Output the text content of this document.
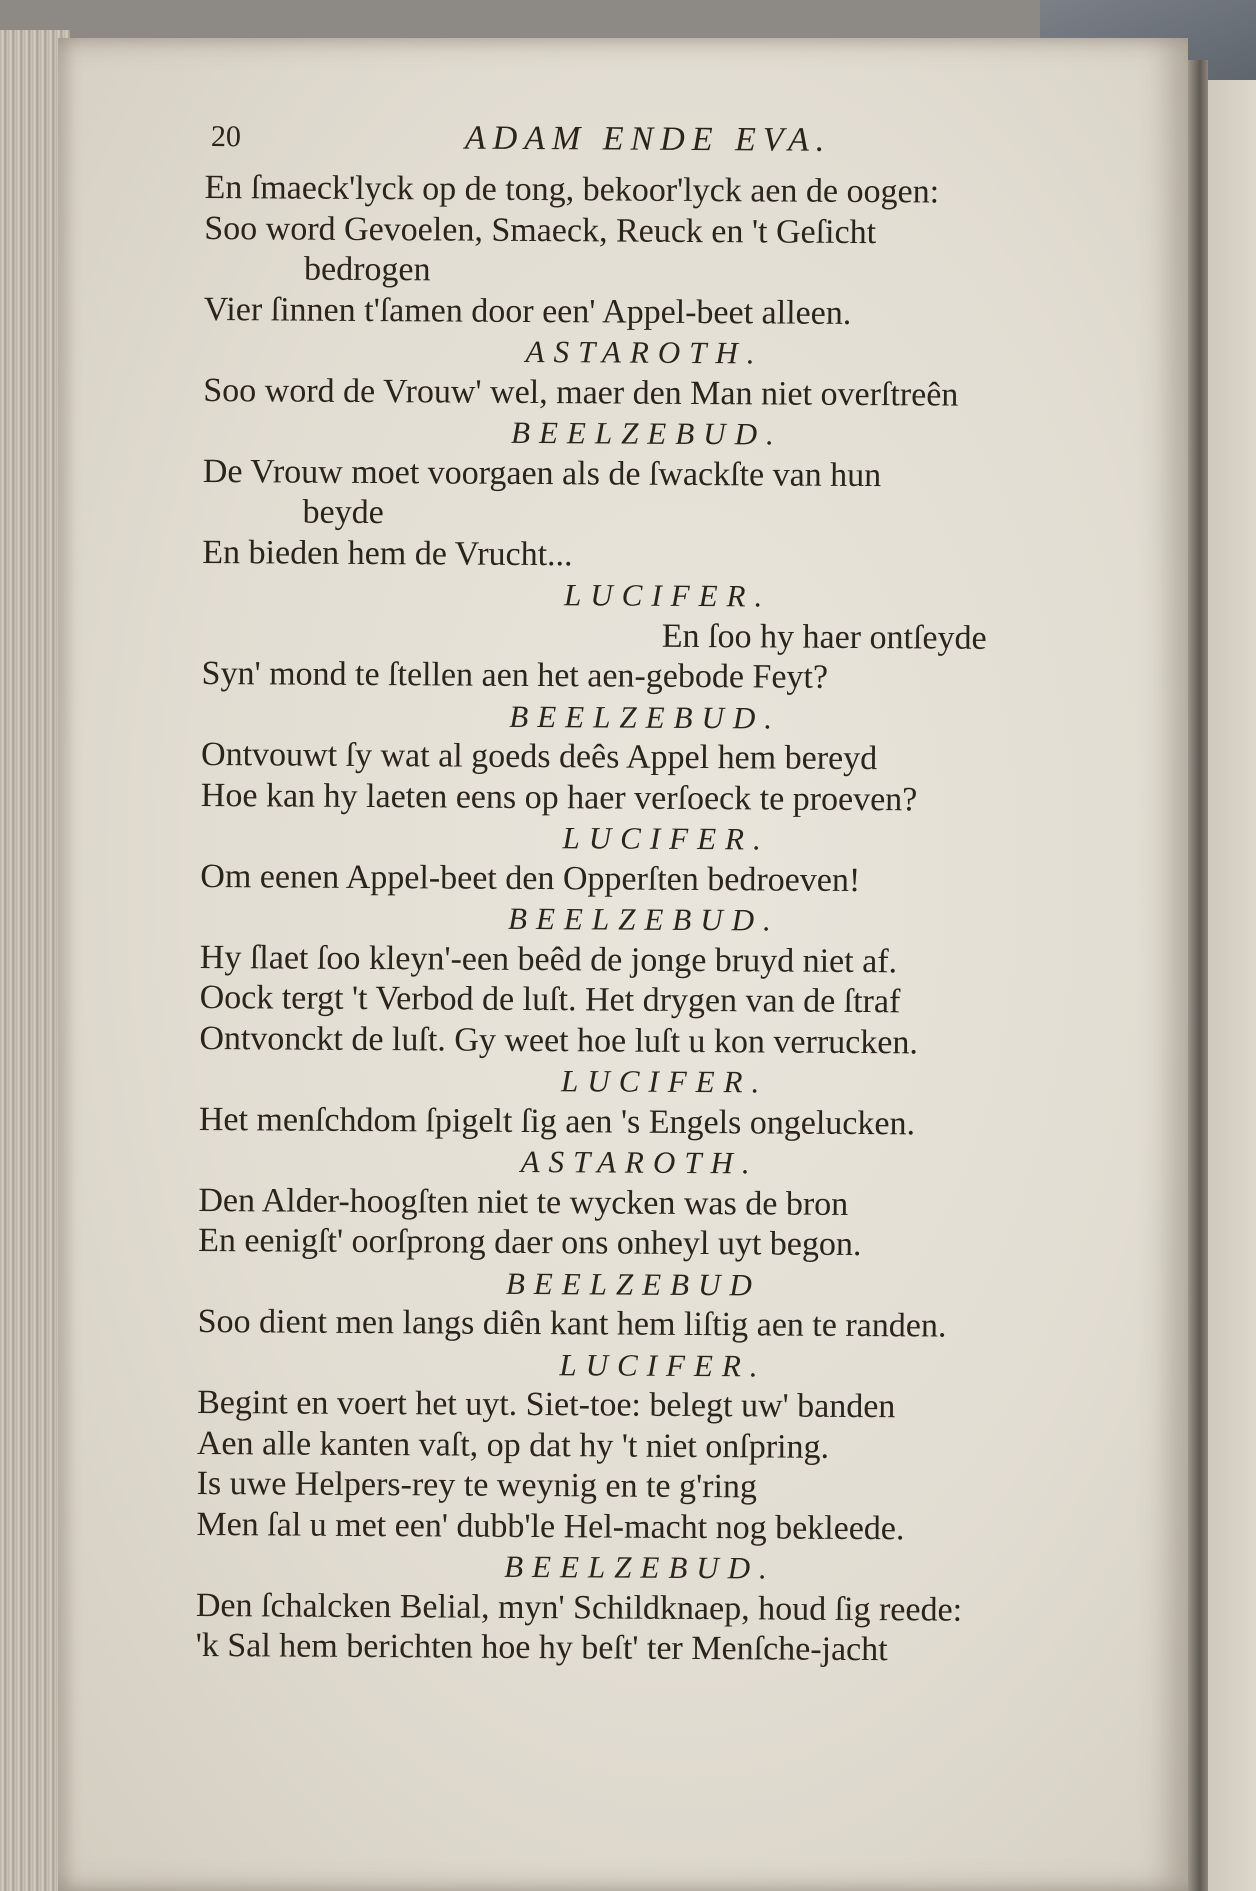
20	ADAM ENDE EVA.
En ſmaeck'lyck op de tong, bekoor'lyck aen de oogen:
Soo word Gevoelen, Smaeck, Reuck en 't Geſicht
bedrogen
Vier ſinnen t'ſamen door een' Appel-beet alleen.
ASTAROTH.
Soo word de Vrouw' wel, maer den Man niet overſtreên
BEELZEBUD.
De Vrouw moet voorgaen als de ſwackſte van hun
beyde
En bieden hem de Vrucht...
LUCIFER.
En ſoo hy haer ontſeyde
Syn' mond te ſtellen aen het aen-gebode Feyt?
BEELZEBUD.
Ontvouwt ſy wat al goeds deês Appel hem bereyd
Hoe kan hy laeten eens op haer verſoeck te proeven?
LUCIFER.
Om eenen Appel-beet den Opperſten bedroeven!
BEELZEBUD.
Hy ſlaet ſoo kleyn'-een beêd de jonge bruyd niet af.
Oock tergt 't Verbod de luſt. Het drygen van de ſtraf
Ontvonckt de luſt. Gy weet hoe luſt u kon verrucken.
LUCIFER.
Het menſchdom ſpigelt ſig aen 's Engels ongelucken.
ASTAROTH.
Den Alder-hoogſten niet te wycken was de bron
En eenigſt' oorſprong daer ons onheyl uyt begon.
BEELZEBUD
Soo dient men langs diên kant hem liſtig aen te randen.
LUCIFER.
Begint en voert het uyt. Siet-toe: belegt uw' banden
Aen alle kanten vaſt, op dat hy 't niet onſpring.
Is uwe Helpers-rey te weynig en te g'ring
Men ſal u met een' dubb'le Hel-macht nog bekleede.
BEELZEBUD.
Den ſchalcken Belial, myn' Schildknaep, houd ſig reede:
'k Sal hem berichten hoe hy beſt' ter Menſche-jacht
